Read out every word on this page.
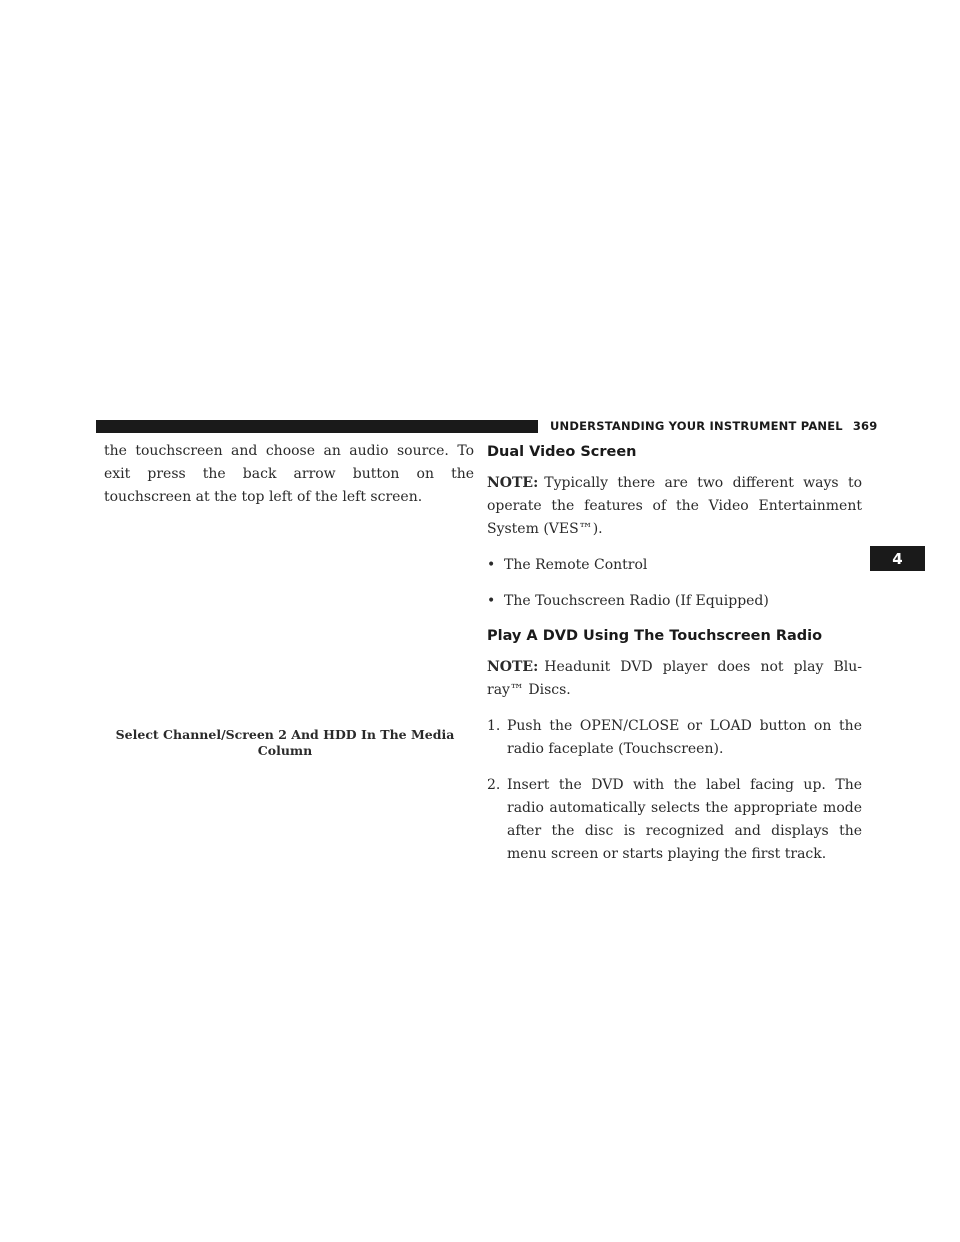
UNDERSTANDING YOUR INSTRUMENT PANEL 369
4

the touchscreen and choose an audio source. To exit press the back arrow button on the touchscreen at the top left of the left screen.

Select Channel/Screen 2 And HDD In The Media Column
Dual Video Screen

NOTE: Typically there are two different ways to operate the features of the Video Entertainment System (VES™).

• The Remote Control
• The Touchscreen Radio (If Equipped)
Play A DVD Using The Touchscreen Radio

NOTE: Headunit DVD player does not play Blu-ray™ Discs.

1. Push the OPEN/CLOSE or LOAD button on the radio faceplate (Touchscreen).

2. Insert the DVD with the label facing up. The radio automatically selects the appropriate mode after the disc is recognized and displays the menu screen or starts playing the first track.
